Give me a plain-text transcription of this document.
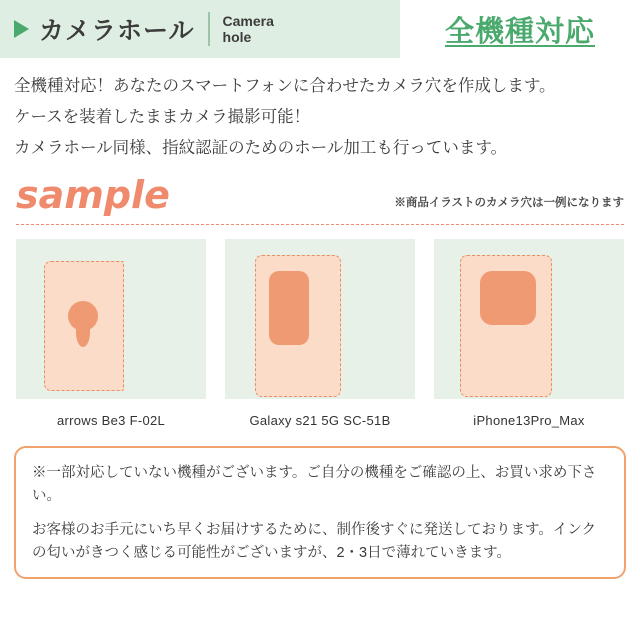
カメラホール Camera hole	全機種対応

全機種対応！あなたのスマートフォンに合わせたカメラ穴を作成します。

ケースを装着したままカメラ撮影可能！

カメラホール同様、指紋認証のためのホール加工も行っています。

sample	※商品イラストのカメラ穴は一例になります
arrows Be3 F-02L	Galaxy s21 5G SC-51B	iPhone13Pro_Max

※一部対応していない機種がございます。ご自分の機種をご確認の上、お買い求め下さい。

お客様のお手元にいち早くお届けするために、制作後すぐに発送しております。インクの匂いがきつく感じる可能性がございますが、2・3日で薄れていきます。
